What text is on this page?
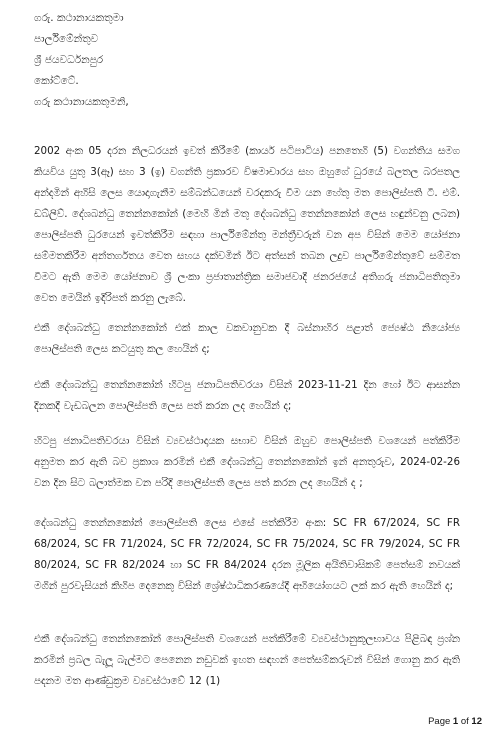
ගරු. කථානායකතුමා
පාර්ලිමේන්තුව
ශ්‍රී ජයවර්ධනපුර
කෝට්ටේ.
ගරු කථානායකතුමනි,
2002 අංක 05 දරන නිලධරයන් ඉවත් කිරීමේ (කාර්ය පටිපාටිය) පනතෙහි (5) වගන්තිය සමග කියවිය යුතු 3(ඈ) සහ 3 (ඉ) වගන්ති ප්‍රකාරව විෂමාචාරය සහ ඔහුගේ ධුරයේ බලතල බරපතල අන්දමින් අහිසි ලෙස යොදාගැනීම සම්බන්ධයෙන් වරදකරු වීම යන හේතු මත පොලිස්පති ටී. එම්. ඩබ්ලිව්. දේශබන්ධු තෙන්නකෝන් (මෙහි මින් මතු දේශබන්ධු තෙන්නකෝන් ලෙස හඳුන්වනු ලබන) පොලිස්පති ධුරයෙන් ඉවත්කිරීම සඳහා පාර්ලිමේන්තු මන්ත්‍රීවරුන් වන අප විසින් මෙම යෝජනා සම්මතකිරීම අන්තර්ගතය වෙත සහය දක්වමින් ඊට අත්සන් තබන ලදුව පාර්ලිමේන්තුවේ සම්මත වීමට ඇති මෙම යෝජනාව ශ්‍රී ලංකා ප්‍රජාතාන්ත්‍රික සමාජවාදී ජනරජයේ අතිගරු ජනාධිපතිතුමා වෙත මෙයින් ඉදිරිපත් කරනු ලැබේ.
එකී දේශබන්ධු තෙන්නකෝන් එක් කාල වකවානුවක දී බස්නාහිර පළාත් ජ්‍යෙෂ්ඨ නියෝජ්‍ය පොලිස්පති ලෙස කටයුතු කල හෙයින් ද;
එකී දේශබන්ධු තෙන්නකෝන් හිටපු ජනාධිපතිවරයා විසින් 2023-11-21 දින හෝ ඊට ආසන්න දිනකදී වැඩබලන පොලිස්පති ලෙස පත් කරන ලද හෙයින් ද;
හිටපු ජනාධිපතිවරයා විසින් ව්‍යවස්ථාදායක සභාව විසින් ඔහුව පොලිස්පති වශයෙන් පත්කිරීම අනුමත කර ඇති බව ප්‍රකාශ කරමින් එකී දේශබන්ධු තෙන්නකෝන් ඉන් අනතුරුව, 2024-02-26 වන දින සිට බලාත්මක වන පරිදි පොලිස්පති ලෙස පත් කරන ලද හෙයින් ද ;
දේශබන්ධු තෙන්නකෝන් පොලිස්පති ලෙස එසේ පත්කිරීම අංක: SC FR 67/2024, SC FR 68/2024, SC FR 71/2024, SC FR 72/2024, SC FR 75/2024, SC FR 79/2024, SC FR 80/2024, SC FR 82/2024 හා SC FR 84/2024 දරන මූලික අයිතිවාසිකම් පෙත්සම් නවයක් මගින් පුරවැසියන් කිහිප දෙනෙකු විසින් ශ්‍රේෂ්ඨාධිකරණයේදී අභියෝගයට ලක් කර ඇති හෙයින් ද;
එකී දේශබන්ධු තෙන්නකෝන් පොලිස්පති වශයෙන් පත්කිරීමේ ව්‍යවස්ථානුකූලභාවය පිළිබඳ ප්‍රශ්න කරමින් ප්‍රබල බැලූ බැල්මට පෙනෙන නඩුවක් ඉහත සඳහන් පෙත්සම්කරුවන් විසින් ගොනු කර ඇති පදනම මත ආණ්ඩුක්‍රම ව්‍යවස්ථාවේ 12 (1)
Page 1 of 12
